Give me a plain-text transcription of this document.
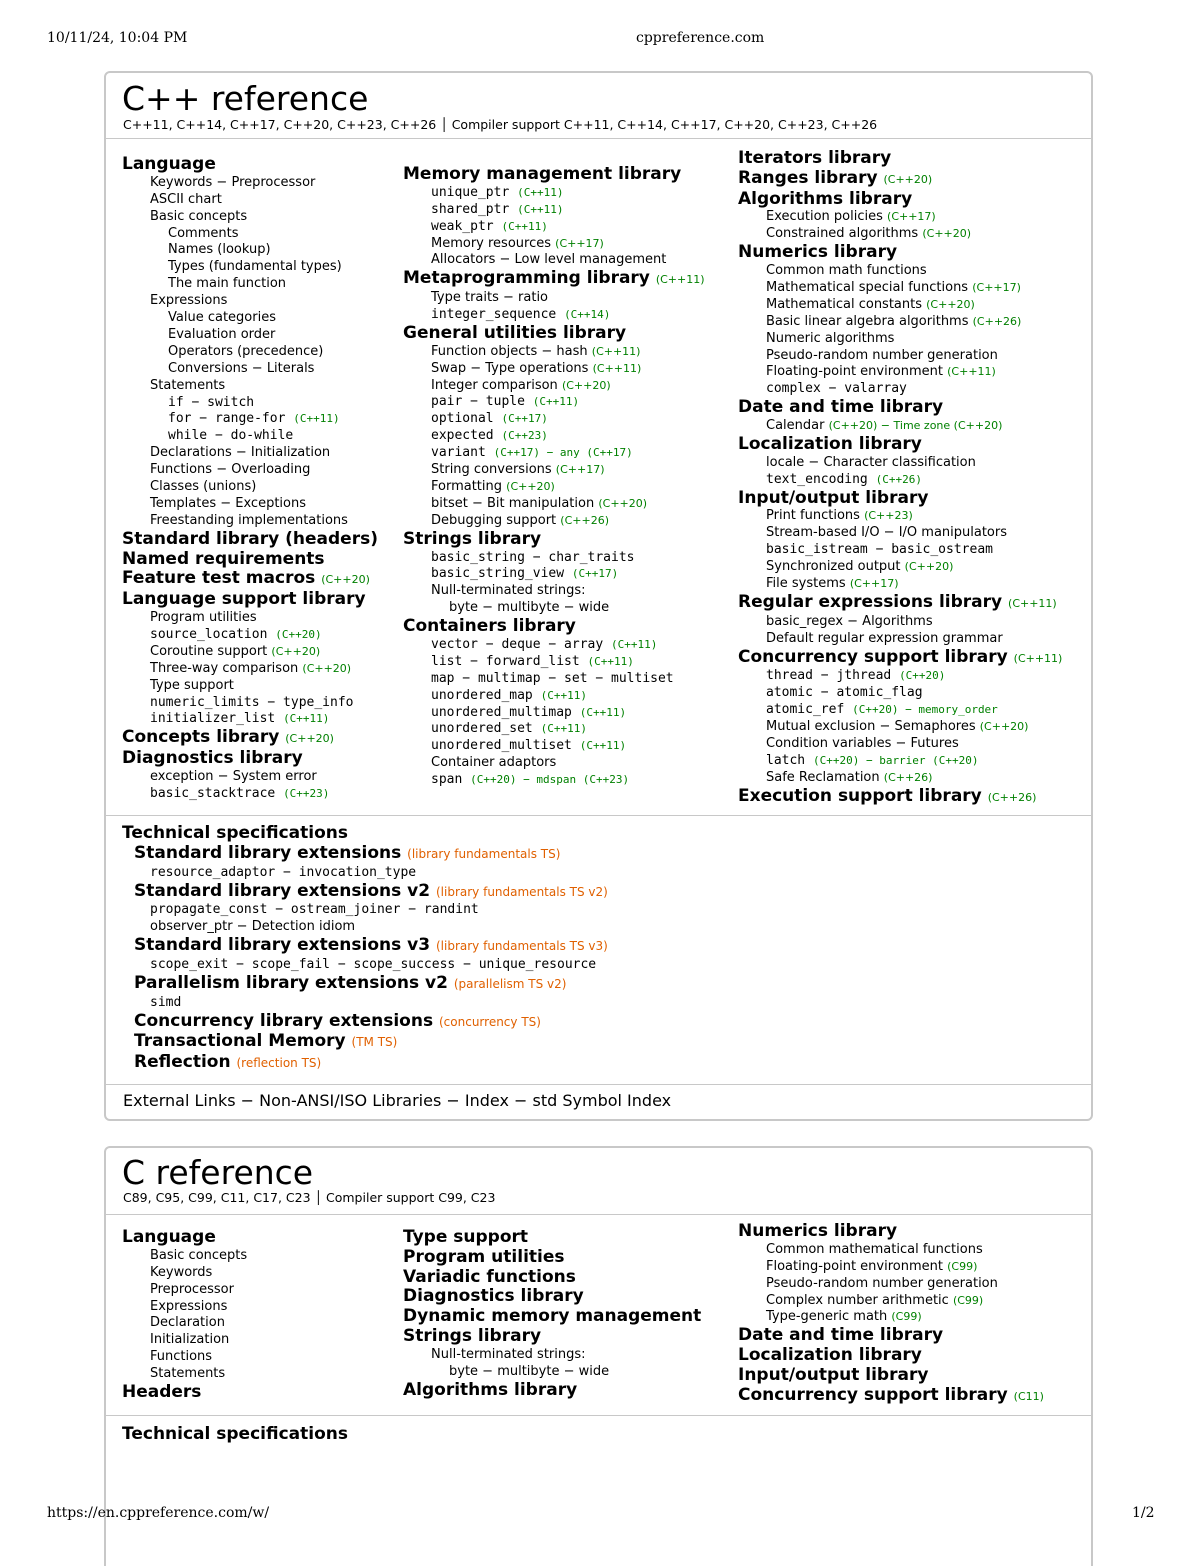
10/11/24, 10:04 PM	cppreference.com
C++ reference
C++11, C++14, C++17, C++20, C++23, C++26 │ Compiler support C++11, C++14, C++17, C++20, C++23, C++26
Language
Keywords − Preprocessor
ASCII chart
Basic concepts
Comments
Names (lookup)
Types (fundamental types)
The main function
Expressions
Value categories
Evaluation order
Operators (precedence)
Conversions − Literals
Statements
if − switch
for − range-for (C++11)
while − do-while
Declarations − Initialization
Functions − Overloading
Classes (unions)
Templates − Exceptions
Freestanding implementations
Standard library (headers)
Named requirements
Feature test macros (C++20)
Language support library
Program utilities
source_location (C++20)
Coroutine support (C++20)
Three-way comparison (C++20)
Type support
numeric_limits − type_info
initializer_list (C++11)
Concepts library (C++20)
Diagnostics library
exception − System error
basic_stacktrace (C++23)
Memory management library
unique_ptr (C++11)
shared_ptr (C++11)
weak_ptr (C++11)
Memory resources (C++17)
Allocators − Low level management
Metaprogramming library (C++11)
Type traits − ratio
integer_sequence (C++14)
General utilities library
Function objects − hash (C++11)
Swap − Type operations (C++11)
Integer comparison (C++20)
pair − tuple (C++11)
optional (C++17)
expected (C++23)
variant (C++17) − any (C++17)
String conversions (C++17)
Formatting (C++20)
bitset − Bit manipulation (C++20)
Debugging support (C++26)
Strings library
basic_string − char_traits
basic_string_view (C++17)
Null-terminated strings:
byte − multibyte − wide
Containers library
vector − deque − array (C++11)
list − forward_list (C++11)
map − multimap − set − multiset
unordered_map (C++11)
unordered_multimap (C++11)
unordered_set (C++11)
unordered_multiset (C++11)
Container adaptors
span (C++20) − mdspan (C++23)
Iterators library
Ranges library (C++20)
Algorithms library
Execution policies (C++17)
Constrained algorithms (C++20)
Numerics library
Common math functions
Mathematical special functions (C++17)
Mathematical constants (C++20)
Basic linear algebra algorithms (C++26)
Numeric algorithms
Pseudo-random number generation
Floating-point environment (C++11)
complex − valarray
Date and time library
Calendar (C++20) − Time zone (C++20)
Localization library
locale − Character classification
text_encoding (C++26)
Input/output library
Print functions (C++23)
Stream-based I/O − I/O manipulators
basic_istream − basic_ostream
Synchronized output (C++20)
File systems (C++17)
Regular expressions library (C++11)
basic_regex − Algorithms
Default regular expression grammar
Concurrency support library (C++11)
thread − jthread (C++20)
atomic − atomic_flag
atomic_ref (C++20) − memory_order
Mutual exclusion − Semaphores (C++20)
Condition variables − Futures
latch (C++20) − barrier (C++20)
Safe Reclamation (C++26)
Execution support library (C++26)
Technical specifications
Standard library extensions (library fundamentals TS)
resource_adaptor − invocation_type
Standard library extensions v2 (library fundamentals TS v2)
propagate_const − ostream_joiner − randint
observer_ptr − Detection idiom
Standard library extensions v3 (library fundamentals TS v3)
scope_exit − scope_fail − scope_success − unique_resource
Parallelism library extensions v2 (parallelism TS v2)
simd
Concurrency library extensions (concurrency TS)
Transactional Memory (TM TS)
Reflection (reflection TS)
External Links − Non-ANSI/ISO Libraries − Index − std Symbol Index
C reference
C89, C95, C99, C11, C17, C23 │ Compiler support C99, C23
Language
Basic concepts
Keywords
Preprocessor
Expressions
Declaration
Initialization
Functions
Statements
Headers
Type support
Program utilities
Variadic functions
Diagnostics library
Dynamic memory management
Strings library
Null-terminated strings:
byte − multibyte − wide
Algorithms library
Numerics library
Common mathematical functions
Floating-point environment (C99)
Pseudo-random number generation
Complex number arithmetic (C99)
Type-generic math (C99)
Date and time library
Localization library
Input/output library
Concurrency support library (C11)
Technical specifications
https://en.cppreference.com/w/	1/2
